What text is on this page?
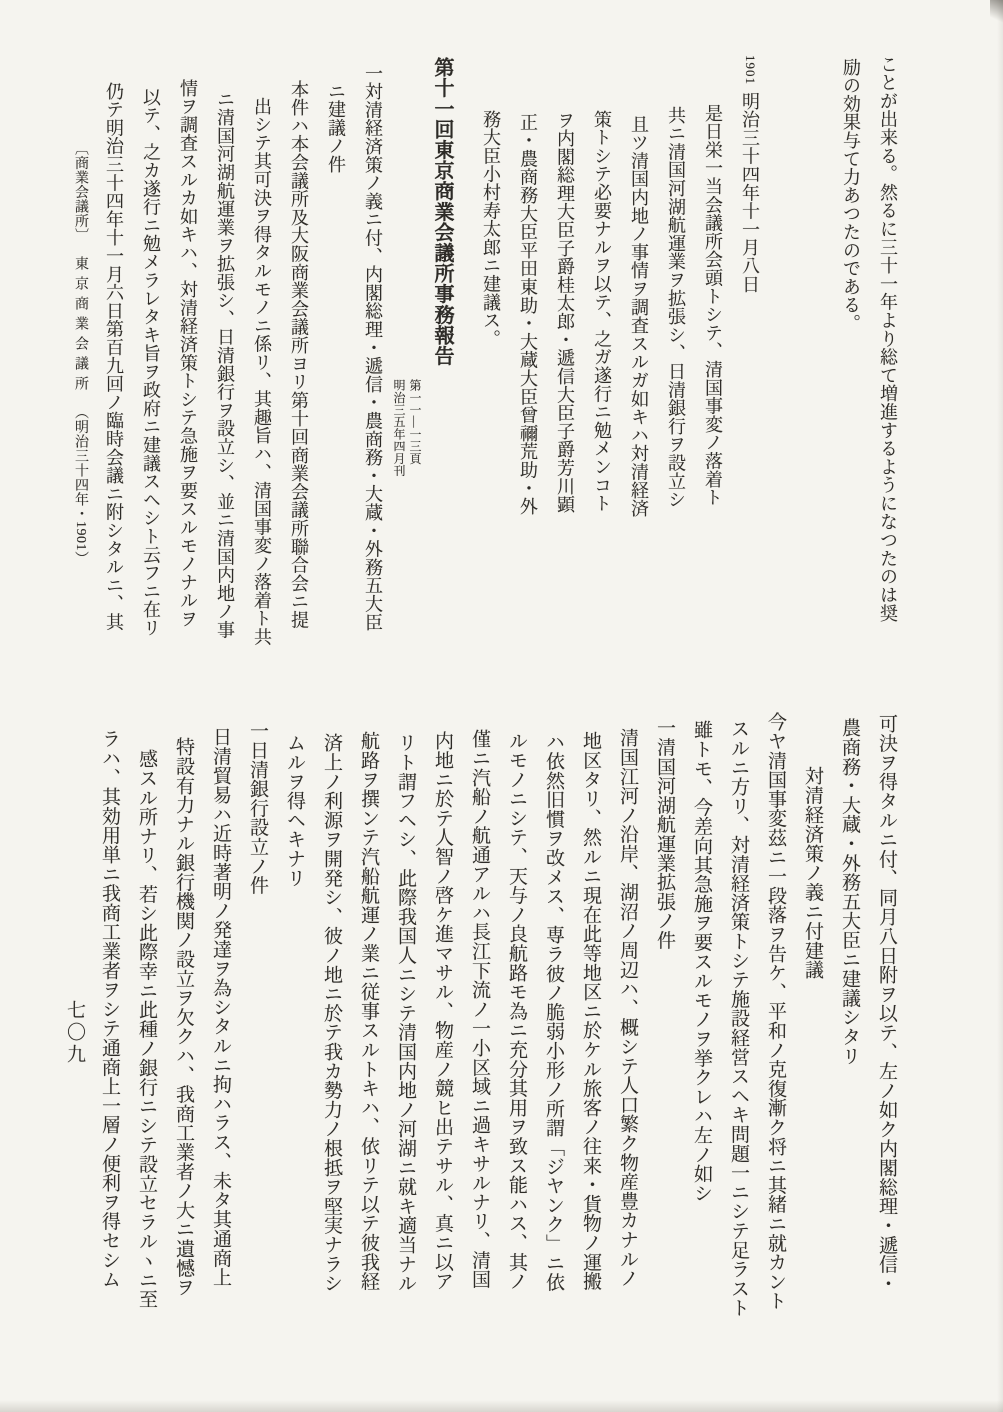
ことが出来る。然るに三十一年より総て増進するようになつたのは奨
励の効果与て力あつたのである。
1901明治三十四年十一月八日
是日栄一当会議所会頭トシテ、清国事変ノ落着ト
共ニ清国河湖航運業ヲ拡張シ、日清銀行ヲ設立シ
且ツ清国内地ノ事情ヲ調査スルガ如キハ対清経済
策トシテ必要ナルヲ以テ、之ガ遂行ニ勉メンコト
ヲ内閣総理大臣子爵桂太郎・遞信大臣子爵芳川顕
正・農商務大臣平田東助・大蔵大臣曾禰荒助・外
務大臣小村寿太郎ニ建議ス。
第十一回東京商業会議所事務報告
第一一—一三頁
明治三五年四月刊
一対清経済策ノ義ニ付、内閣総理・遞信・農商務・大蔵・外務五大臣
ニ建議ノ件
本件ハ本会議所及大阪商業会議所ヨリ第十回商業会議所聯合会ニ提
出シテ其可決ヲ得タルモノニ係リ、其趣旨ハ、清国事変ノ落着ト共
ニ清国河湖航運業ヲ拡張シ、日清銀行ヲ設立シ、並ニ清国内地ノ事
情ヲ調査スルカ如キハ、対清経済策トシテ急施ヲ要スルモノナルヲ
以テ、之カ遂行ニ勉メラレタキ旨ヲ政府ニ建議スヘシト云フニ在リ
仍テ明治三十四年十一月六日第百九回ノ臨時会議ニ附シタルニ、其
〔商業会議所〕東京商業会議所（明治三十四年・1901）
可決ヲ得タルニ付、同月八日附ヲ以テ、左ノ如ク内閣総理・遞信・
農商務・大蔵・外務五大臣ニ建議シタリ
対清経済策ノ義ニ付建議
今ヤ清国事変茲ニ一段落ヲ告ケ、平和ノ克復漸ク将ニ其緒ニ就カント
スルニ方リ、対清経済策トシテ施設経営スヘキ問題一ニシテ足ラスト
雖トモ、今差向其急施ヲ要スルモノヲ挙クレハ左ノ如シ
一清国河湖航運業拡張ノ件
清国江河ノ沿岸、湖沼ノ周辺ハ、概シテ人口繁ク物産豊カナルノ
地区タリ、然ルニ現在此等地区ニ於ケル旅客ノ往来・貨物ノ運搬
ハ依然旧慣ヲ改メス、専ラ彼ノ脆弱小形ノ所謂「ジヤンク」ニ依
ルモノニシテ、天与ノ良航路モ為ニ充分其用ヲ致ス能ハス、其ノ
僅ニ汽船ノ航通アルハ長江下流ノ一小区域ニ過キサルナリ、清国
内地ニ於テ人智ノ啓ケ進マサル、物産ノ競ヒ出テサル、真ニ以ア
リト謂フヘシ、此際我国人ニシテ清国内地ノ河湖ニ就キ適当ナル
航路ヲ撰ンテ汽船航運ノ業ニ従事スルトキハ、依リテ以テ彼我経
済上ノ利源ヲ開発シ、彼ノ地ニ於テ我カ勢力ノ根抵ヲ堅実ナラシ
ムルヲ得ヘキナリ
一日清銀行設立ノ件
日清貿易ハ近時著明ノ発達ヲ為シタルニ拘ハラス、未タ其通商上
特設有力ナル銀行機関ノ設立ヲ欠クハ、我商工業者ノ大ニ遺憾ヲ
感スル所ナリ、若シ此際幸ニ此種ノ銀行ニシテ設立セラルヽニ至
ラハ、其効用単ニ我商工業者ヲシテ通商上一層ノ便利ヲ得セシム
七〇九
